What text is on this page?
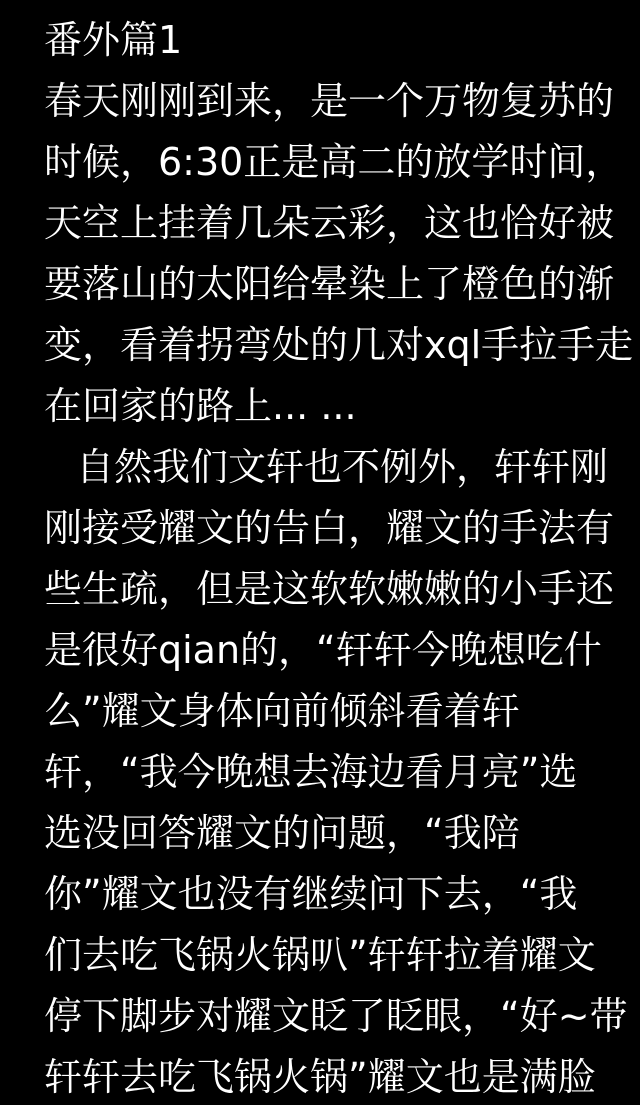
番外篇1
春天刚刚到来，是一个万物复苏的
时候，6:30正是高二的放学时间，
天空上挂着几朵云彩，这也恰好被
要落山的太阳给晕染上了橙色的渐
变，看着拐弯处的几对xql手拉手走
在回家的路上... ...
自然我们文轩也不例外，轩轩刚
刚接受耀文的告白，耀文的手法有
些生疏，但是这软软嫩嫩的小手还
是很好qian的，“轩轩今晚想吃什
么”耀文身体向前倾斜看着轩
轩，“我今晚想去海边看月亮”选
选没回答耀文的问题，“我陪
你”耀文也没有继续问下去，“我
们去吃飞锅火锅叭”轩轩拉着耀文
停下脚步对耀文眨了眨眼，“好~带
轩轩去吃飞锅火锅”耀文也是满脸
